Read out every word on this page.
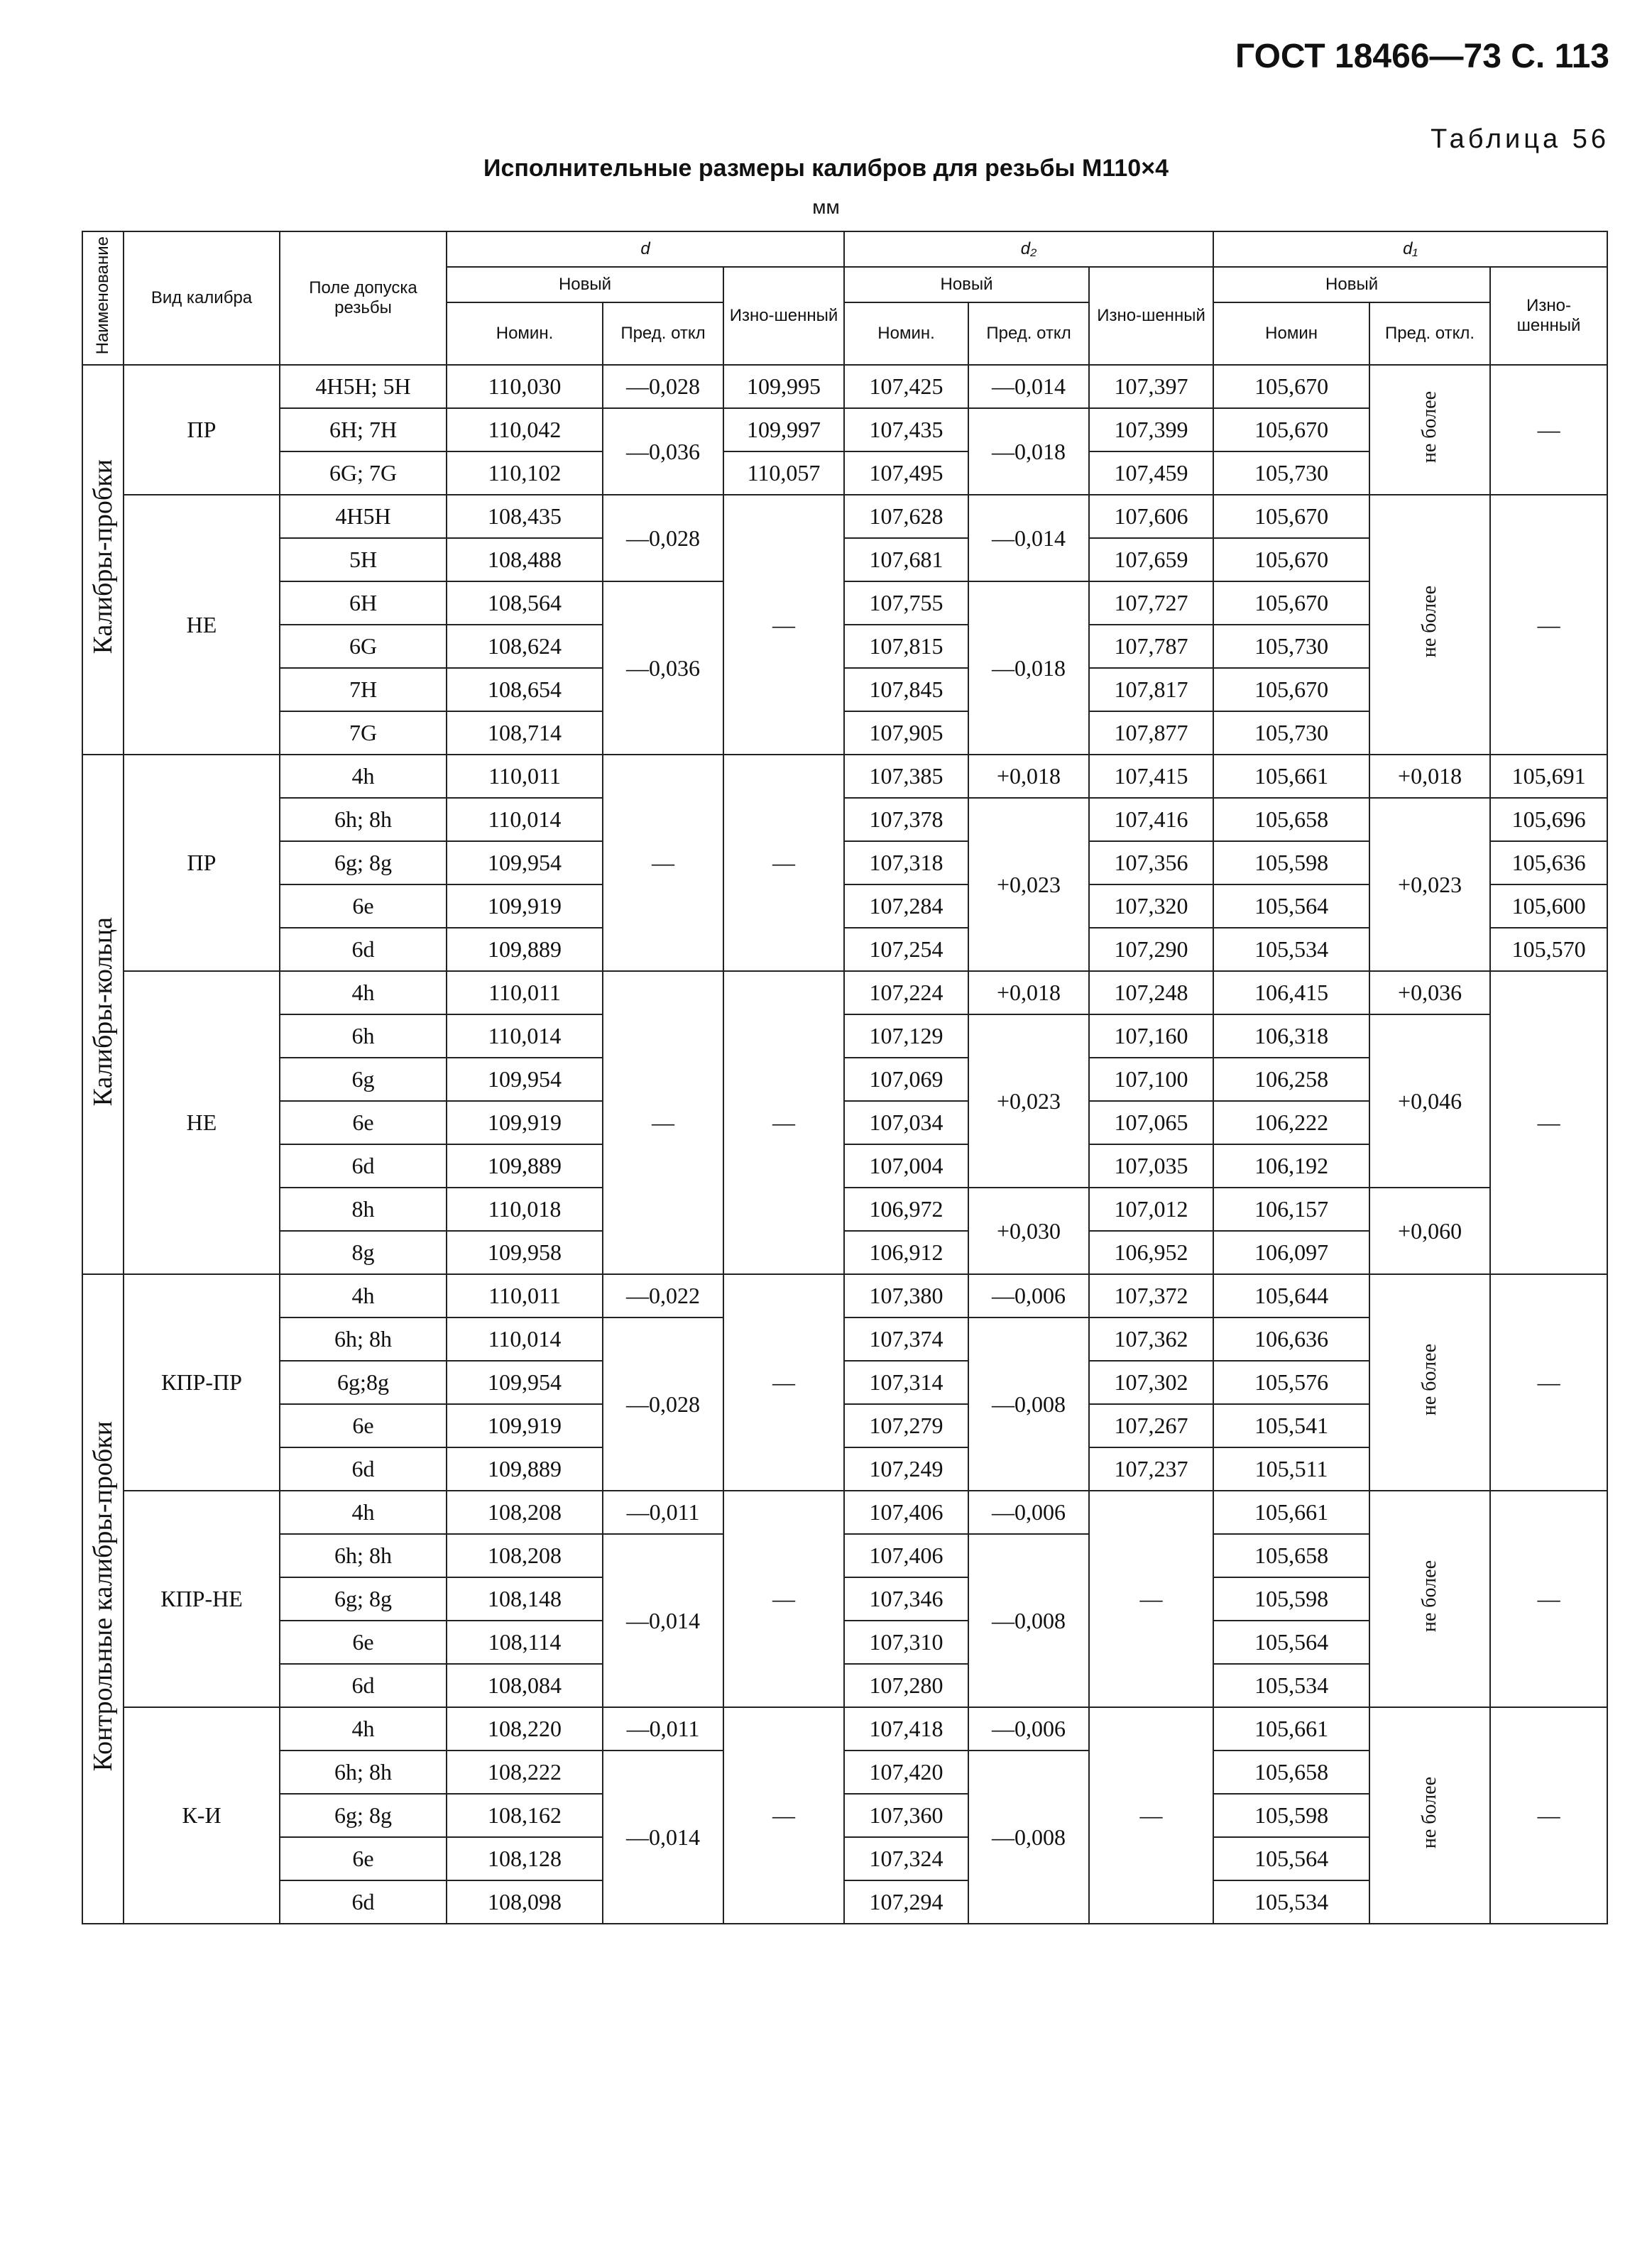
ГОСТ 18466—73 С. 113
Таблица 56
Исполнительные размеры калибров для резьбы М110×4
мм
Наименование	Вид калибра	Поле допуска резьбы	d			d₂			d₁		
			Новый		Изно-шенный	Новый		Изно-шенный	Новый		Изно-шенный
			Номин.	Пред. откл		Номин.	Пред. откл		Номин	Пред. откл.	
Калибры-пробки	ПР	4H5H; 5H	110,030	—0,028	109,995	107,425	—0,014	107,397	105,670	не более	—
		6H; 7H	110,042	—0,036	109,997	107,435	—0,018	107,399	105,670		
		6G; 7G	110,102		110,057	107,495		107,459	105,730		
	НЕ	4H5H	108,435	—0,028	—	107,628	—0,014	107,606	105,670	не более	—
		5H	108,488			107,681		107,659	105,670		
		6H	108,564	—0,036		107,755	—0,018	107,727	105,670		
		6G	108,624			107,815		107,787	105,730		
		7H	108,654			107,845		107,817	105,670		
		7G	108,714			107,905		107,877	105,730		
Калибры-кольца	ПР	4h	110,011	—	—	107,385	+0,018	107,415	105,661	+0,018	105,691
		6h; 8h	110,014			107,378	+0,023	107,416	105,658	+0,023	105,696
		6g; 8g	109,954			107,318		107,356	105,598		105,636
		6e	109,919			107,284		107,320	105,564		105,600
		6d	109,889			107,254		107,290	105,534		105,570
	НЕ	4h	110,011	—	—	107,224	+0,018	107,248	106,415	+0,036	—
		6h	110,014			107,129	+0,023	107,160	106,318	+0,046	
		6g	109,954			107,069		107,100	106,258		
		6e	109,919			107,034		107,065	106,222		
		6d	109,889			107,004		107,035	106,192		
		8h	110,018			106,972	+0,030	107,012	106,157	+0,060	
		8g	109,958			106,912		106,952	106,097		
Контрольные калибры-пробки	КПР-ПР	4h	110,011	—0,022	—	107,380	—0,006	107,372	105,644	не более	—
		6h; 8h	110,014	—0,028		107,374	—0,008	107,362	106,636		
		6g;8g	109,954			107,314		107,302	105,576		
		6e	109,919			107,279		107,267	105,541		
		6d	109,889			107,249		107,237	105,511		
	КПР-НЕ	4h	108,208	—0,011	—	107,406	—0,006	—	105,661	не более	—
		6h; 8h	108,208	—0,014		107,406	—0,008		105,658		
		6g; 8g	108,148			107,346			105,598		
		6e	108,114			107,310			105,564		
		6d	108,084			107,280			105,534		
	К-И	4h	108,220	—0,011	—	107,418	—0,006	—	105,661	не более	—
		6h; 8h	108,222	—0,014		107,420	—0,008		105,658		
		6g; 8g	108,162			107,360			105,598		
		6e	108,128			107,324			105,564		
		6d	108,098			107,294			105,534		
